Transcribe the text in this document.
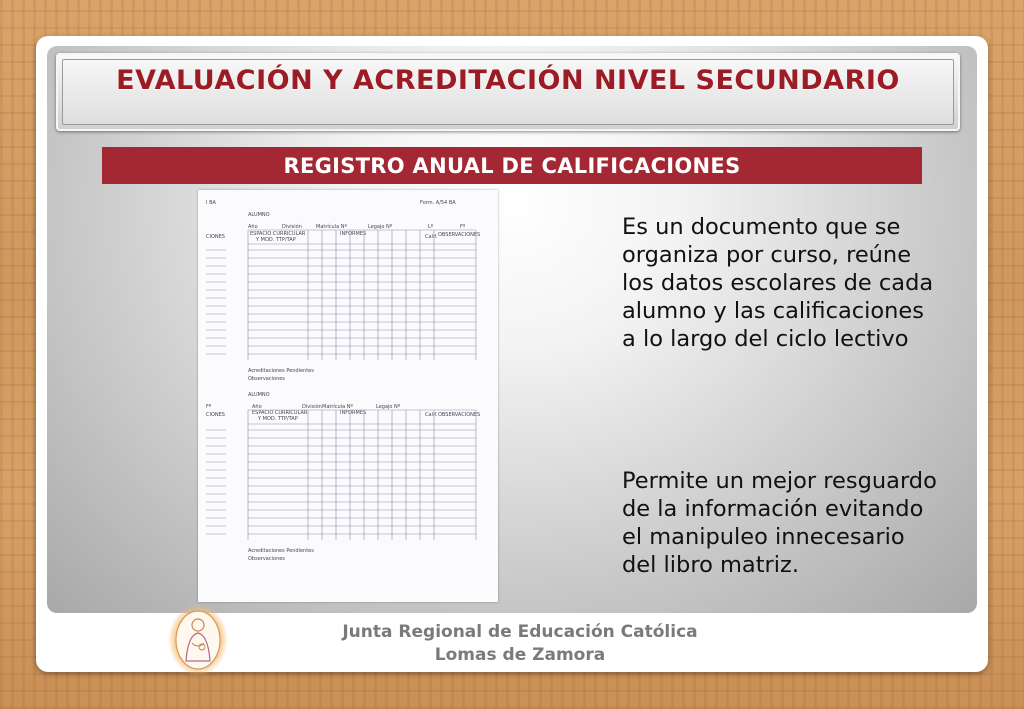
EVALUACIÓN Y ACREDITACIÓN NIVEL SECUNDARIO
REGISTRO ANUAL DE CALIFICACIONES
I BA	Form. A/54 BA
ALUMNO
Año	División	Matrícula Nº	Legajo Nº	Lº	Fº
CIONES	ESPACIO CURRICULAR
Y MOD. TTP/TAP
INFORMES	Calif. OBSERVACIONES
Acreditaciones Pendientes
Observaciones
ALUMNO
Fº	Año	División Matrícula Nº	Legajo Nº
CIONES	ESPACIO CURRICULAR
Y MOD. TTP/TAP
INFORMES	Calif. OBSERVACIONES
Acreditaciones Pendientes
Observaciones
Es un documento que se organiza por curso, reúne los datos escolares de cada alumno y las calificaciones a lo largo del ciclo lectivo
Permite un mejor resguardo de la información evitando el manipuleo innecesario del libro matriz.
Junta Regional de Educación Católica
Lomas de Zamora
